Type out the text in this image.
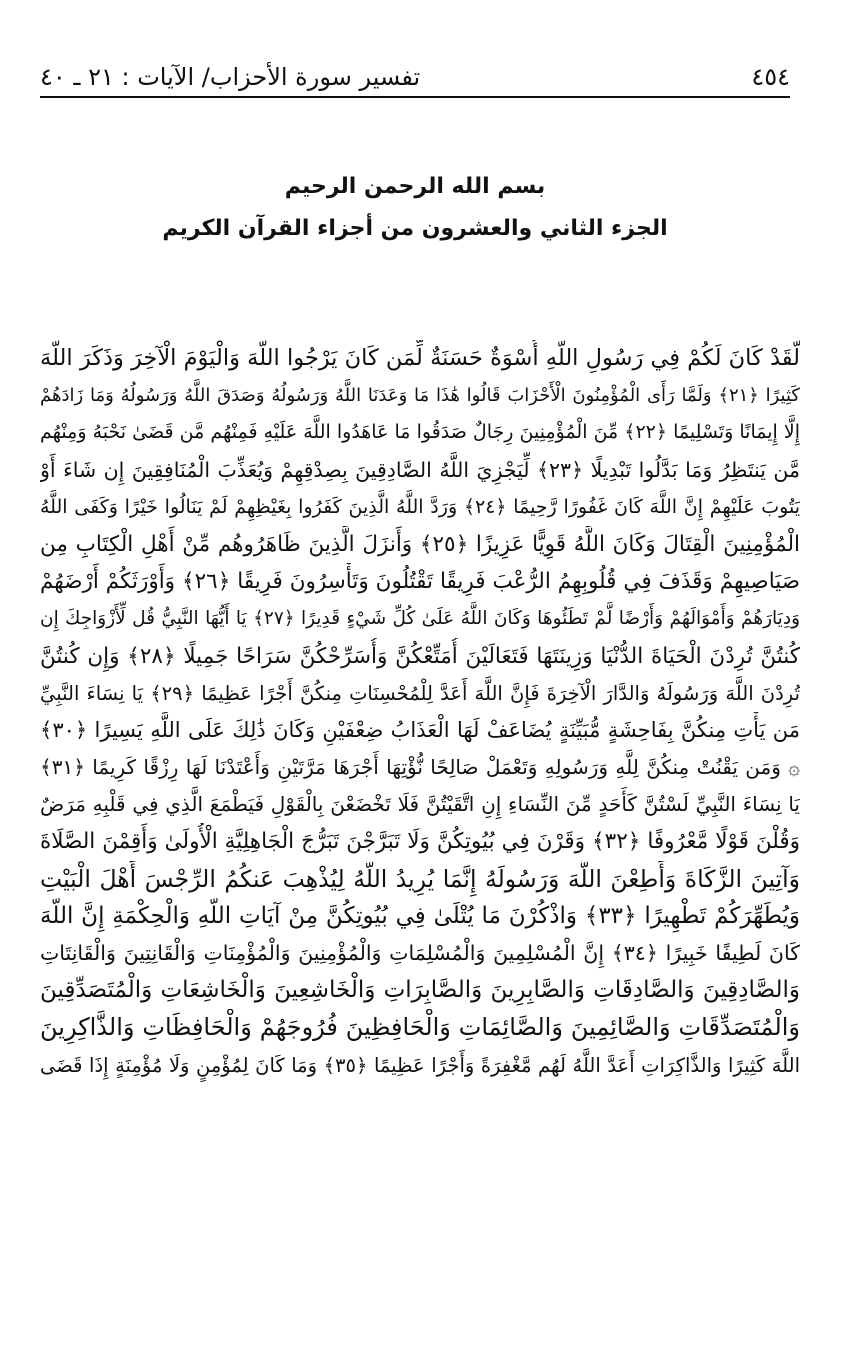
٤٥٤
تفسير سورة الأحزاب/ الآيات : ٢١ ـ ٤٠
بسم الله الرحمن الرحيم
الجزء الثاني والعشرون من أجزاء القرآن الكريم
لَّقَدْ كَانَ لَكُمْ فِي رَسُولِ اللَّهِ أُسْوَةٌ حَسَنَةٌ لِّمَن كَانَ يَرْجُوا اللَّهَ وَالْيَوْمَ الْآخِرَ وَذَكَرَ اللَّهَ
كَثِيرًا ﴿٢١﴾ وَلَمَّا رَأَى الْمُؤْمِنُونَ الْأَحْزَابَ قَالُوا هَٰذَا مَا وَعَدَنَا اللَّهُ وَرَسُولُهُ وَصَدَقَ اللَّهُ وَرَسُولُهُ وَمَا زَادَهُمْ
إِلَّا إِيمَانًا وَتَسْلِيمًا ﴿٢٢﴾ مِّنَ الْمُؤْمِنِينَ رِجَالٌ صَدَقُوا مَا عَاهَدُوا اللَّهَ عَلَيْهِ فَمِنْهُم مَّن قَضَىٰ نَحْبَهُ وَمِنْهُم
مَّن يَنتَظِرُ وَمَا بَدَّلُوا تَبْدِيلًا ﴿٢٣﴾ لِّيَجْزِيَ اللَّهُ الصَّادِقِينَ بِصِدْقِهِمْ وَيُعَذِّبَ الْمُنَافِقِينَ إِن شَاءَ أَوْ
يَتُوبَ عَلَيْهِمْ إِنَّ اللَّهَ كَانَ غَفُورًا رَّحِيمًا ﴿٢٤﴾ وَرَدَّ اللَّهُ الَّذِينَ كَفَرُوا بِغَيْظِهِمْ لَمْ يَنَالُوا خَيْرًا وَكَفَى اللَّهُ
الْمُؤْمِنِينَ الْقِتَالَ وَكَانَ اللَّهُ قَوِيًّا عَزِيزًا ﴿٢٥﴾ وَأَنزَلَ الَّذِينَ ظَاهَرُوهُم مِّنْ أَهْلِ الْكِتَابِ مِن
صَيَاصِيهِمْ وَقَذَفَ فِي قُلُوبِهِمُ الرُّعْبَ فَرِيقًا تَقْتُلُونَ وَتَأْسِرُونَ فَرِيقًا ﴿٢٦﴾ وَأَوْرَثَكُمْ أَرْضَهُمْ
وَدِيَارَهُمْ وَأَمْوَالَهُمْ وَأَرْضًا لَّمْ تَطَئُوهَا وَكَانَ اللَّهُ عَلَىٰ كُلِّ شَيْءٍ قَدِيرًا ﴿٢٧﴾ يَا أَيُّهَا النَّبِيُّ قُل لِّأَزْوَاجِكَ إِن
كُنتُنَّ تُرِدْنَ الْحَيَاةَ الدُّنْيَا وَزِينَتَهَا فَتَعَالَيْنَ أُمَتِّعْكُنَّ وَأُسَرِّحْكُنَّ سَرَاحًا جَمِيلًا ﴿٢٨﴾ وَإِن كُنتُنَّ
تُرِدْنَ اللَّهَ وَرَسُولَهُ وَالدَّارَ الْآخِرَةَ فَإِنَّ اللَّهَ أَعَدَّ لِلْمُحْسِنَاتِ مِنكُنَّ أَجْرًا عَظِيمًا ﴿٢٩﴾ يَا نِسَاءَ النَّبِيِّ
مَن يَأْتِ مِنكُنَّ بِفَاحِشَةٍ مُّبَيِّنَةٍ يُضَاعَفْ لَهَا الْعَذَابُ ضِعْفَيْنِ وَكَانَ ذَٰلِكَ عَلَى اللَّهِ يَسِيرًا ﴿٣٠﴾
۞ وَمَن يَقْنُتْ مِنكُنَّ لِلَّهِ وَرَسُولِهِ وَتَعْمَلْ صَالِحًا نُّؤْتِهَا أَجْرَهَا مَرَّتَيْنِ وَأَعْتَدْنَا لَهَا رِزْقًا كَرِيمًا ﴿٣١﴾
يَا نِسَاءَ النَّبِيِّ لَسْتُنَّ كَأَحَدٍ مِّنَ النِّسَاءِ إِنِ اتَّقَيْتُنَّ فَلَا تَخْضَعْنَ بِالْقَوْلِ فَيَطْمَعَ الَّذِي فِي قَلْبِهِ مَرَضٌ
وَقُلْنَ قَوْلًا مَّعْرُوفًا ﴿٣٢﴾ وَقَرْنَ فِي بُيُوتِكُنَّ وَلَا تَبَرَّجْنَ تَبَرُّجَ الْجَاهِلِيَّةِ الْأُولَىٰ وَأَقِمْنَ الصَّلَاةَ
وَآتِينَ الزَّكَاةَ وَأَطِعْنَ اللَّهَ وَرَسُولَهُ إِنَّمَا يُرِيدُ اللَّهُ لِيُذْهِبَ عَنكُمُ الرِّجْسَ أَهْلَ الْبَيْتِ
وَيُطَهِّرَكُمْ تَطْهِيرًا ﴿٣٣﴾ وَاذْكُرْنَ مَا يُتْلَىٰ فِي بُيُوتِكُنَّ مِنْ آيَاتِ اللَّهِ وَالْحِكْمَةِ إِنَّ اللَّهَ
كَانَ لَطِيفًا خَبِيرًا ﴿٣٤﴾ إِنَّ الْمُسْلِمِينَ وَالْمُسْلِمَاتِ وَالْمُؤْمِنِينَ وَالْمُؤْمِنَاتِ وَالْقَانِتِينَ وَالْقَانِتَاتِ
وَالصَّادِقِينَ وَالصَّادِقَاتِ وَالصَّابِرِينَ وَالصَّابِرَاتِ وَالْخَاشِعِينَ وَالْخَاشِعَاتِ وَالْمُتَصَدِّقِينَ
وَالْمُتَصَدِّقَاتِ وَالصَّائِمِينَ وَالصَّائِمَاتِ وَالْحَافِظِينَ فُرُوجَهُمْ وَالْحَافِظَاتِ وَالذَّاكِرِينَ
اللَّهَ كَثِيرًا وَالذَّاكِرَاتِ أَعَدَّ اللَّهُ لَهُم مَّغْفِرَةً وَأَجْرًا عَظِيمًا ﴿٣٥﴾ وَمَا كَانَ لِمُؤْمِنٍ وَلَا مُؤْمِنَةٍ إِذَا قَضَى
